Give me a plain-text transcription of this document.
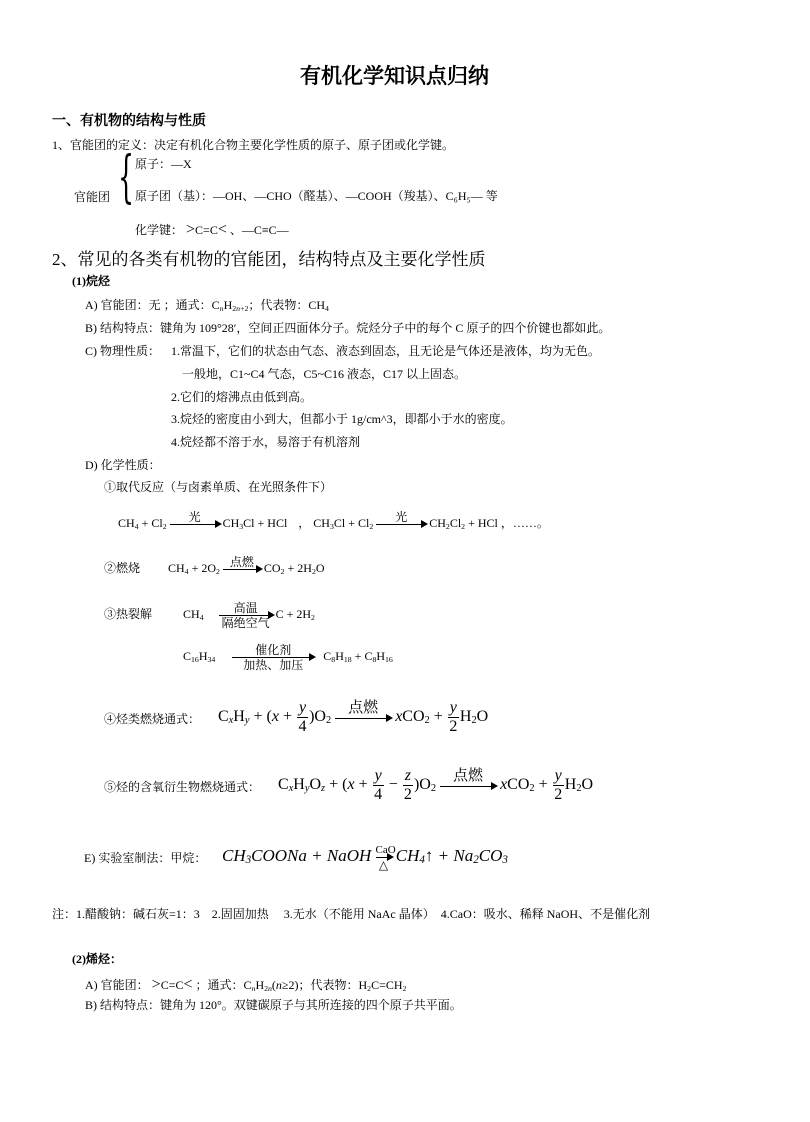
有机化学知识点归纳
一、有机物的结构与性质
1、官能团的定义：决定有机化合物主要化学性质的原子、原子团或化学键。
官能团 { 原子：—X
原子团（基）：—OH、—CHO（醛基）、—COOH（羧基）、C₆H₅— 等
化学键： >C=C< 、—C≡C—
2、常见的各类有机物的官能团，结构特点及主要化学性质
(1)烷烃
A) 官能团：无 ；通式：$C_nH_{2n+2}$；代表物：$CH_4$
B) 结构特点：键角为 109°28′，空间正四面体分子。烷烃分子中的每个 C 原子的四个价键也都如此。
C) 物理性质： 1.常温下，它们的状态由气态、液态到固态，且无论是气体还是液体，均为无色。
一般地，C1~C4 气态，C5~C16 液态，C17 以上固态。
2.它们的熔沸点由低到高。
3.烷烃的密度由小到大，但都小于 1g/cm^3，即都小于水的密度。
4.烷烃都不溶于水，易溶于有机溶剂
D) 化学性质：
①取代反应（与卤素单质、在光照条件下）
$CH_4 + Cl_2$
光	$CH_3Cl$ + HCl ， $CH_3Cl + Cl_2$
光	$CH_2Cl_2$ + HCl ，……。
②燃烧 $CH_4 + 2O_2$
点燃 $CO_2 + 2H_2O$
③热裂解	$CH_4$
高温
隔绝空气
$C + 2H_2$
$C_{16}H_{34}$
催化剂
加热、加压
$C_8H_{18} + C_8H_{16}$
④烃类燃烧通式： $C_xH_y + (x + \frac{y}{4} )O_2$
点燃	$xCO_2 + \frac{y}{2} H_2O$
⑤烃的含氧衍生物燃烧通式： $C_xH_yO_z + (x + \frac{y}{4} - \frac{z}{2} )O_2$
点燃	$xCO_2 + \frac{y}{2} H_2O$
E) 实验室制法：甲烷： $CH_3COONa$ + NaOH CaO
△
$CH_4↑ + Na_2CO_3$
注：1.醋酸钠：碱石灰=1：3　2.固固加热　 3.无水（不能用 NaAc 晶体）　4.CaO：吸水、稀释 NaOH、不是催化剂
(2)烯烃：
A) 官能团： >C=C< ；通式：$C_nH_{2n}(n\ge 2)$；代表物：$H_2C=CH_2$
B) 结构特点：键角为 120°。双键碳原子与其所连接的四个原子共平面。
